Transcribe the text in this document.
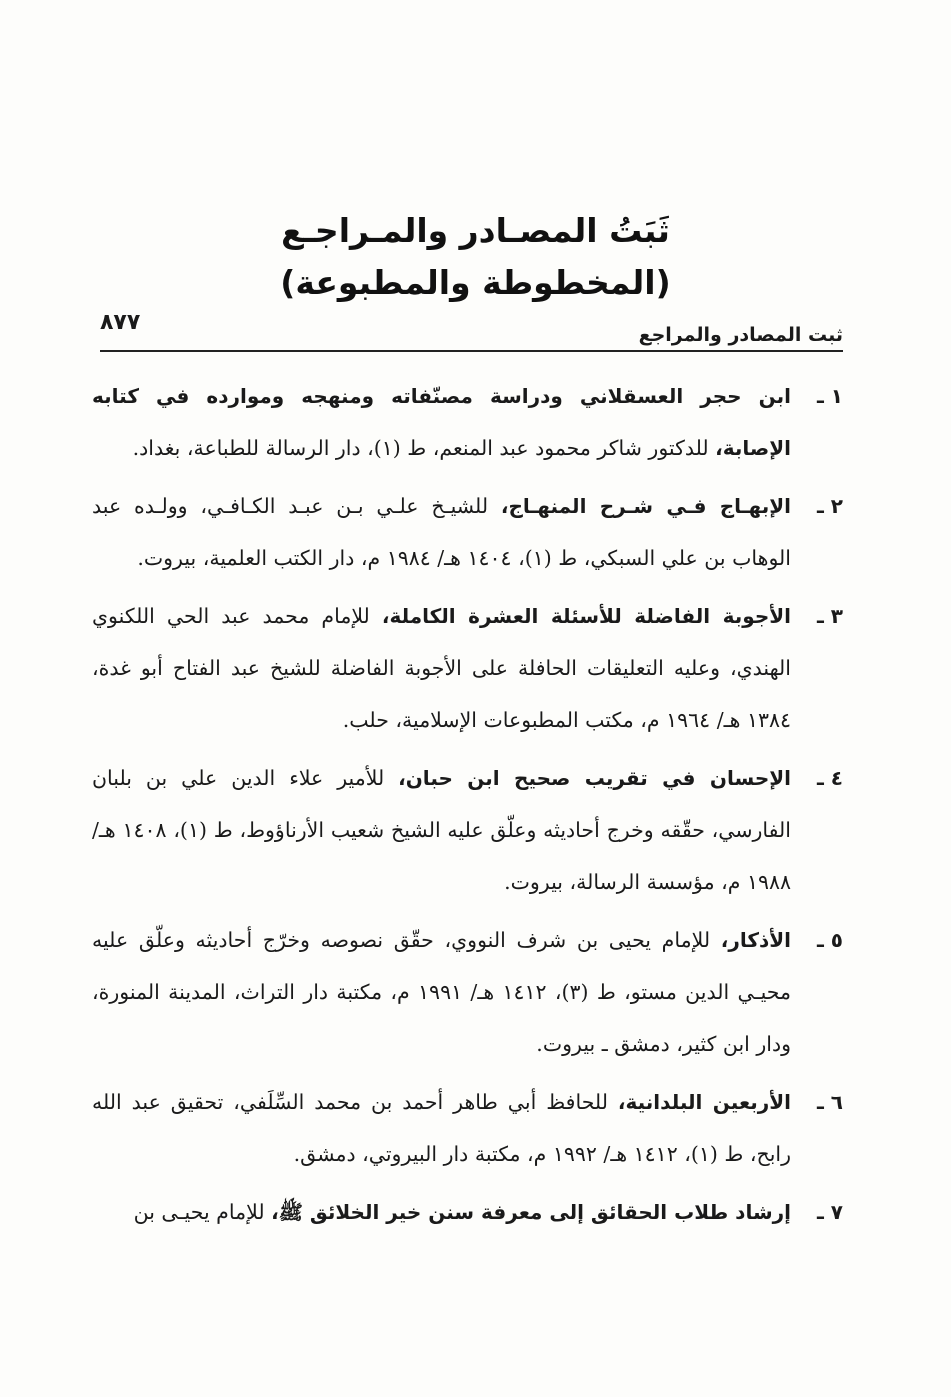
ثَبَتُ المصـادر والمـراجـع
(المخطوطة والمطبوعة)
٨٧٧	ثبت المصادر والمراجع
١ ـ
ابن حجر العسقلاني ودراسة مصنّفاته ومنهجه وموارده في كتابه الإصابة، للدكتور شاكر محمود عبد المنعم، ط (١)، دار الرسالة للطباعة، بغداد.
٢ ـ
الإبهـاج فـي شـرح المنهـاج، للشيـخ علـي بـن عبـد الكـافـي، وولـده عبد الوهاب بن علي السبكي، ط (١)، ١٤٠٤ هـ/ ١٩٨٤ م، دار الكتب العلمية، بيروت.
٣ ـ
الأجوبة الفاضلة للأسئلة العشرة الكاملة، للإمام محمد عبد الحي اللكنوي الهندي، وعليه التعليقات الحافلة على الأجوبة الفاضلة للشيخ عبد الفتاح أبو غدة، ١٣٨٤ هـ/ ١٩٦٤ م، مكتب المطبوعات الإسلامية، حلب.
٤ ـ
الإحسان في تقريب صحيح ابن حبان، للأمير علاء الدين علي بن بلبان الفارسي، حقّقه وخرج أحاديثه وعلّق عليه الشيخ شعيب الأرناؤوط، ط (١)، ١٤٠٨ هـ/ ١٩٨٨ م، مؤسسة الرسالة، بيروت.
٥ ـ
الأذكار، للإمام يحيى بن شرف النووي، حقّق نصوصه وخرّج أحاديثه وعلّق عليه محيـي الدين مستو، ط (٣)، ١٤١٢ هـ/ ١٩٩١ م، مكتبة دار التراث، المدينة المنورة، ودار ابن كثير، دمشق ـ بيروت.
٦ ـ
الأربعين البلدانية، للحافظ أبي طاهر أحمد بن محمد السِّلَفي، تحقيق عبد الله رابح، ط (١)، ١٤١٢ هـ/ ١٩٩٢ م، مكتبة دار البيروتي، دمشق.
٧ ـ
إرشاد طلاب الحقائق إلى معرفة سنن خير الخلائق ﷺ، للإمام يحيـى بن
